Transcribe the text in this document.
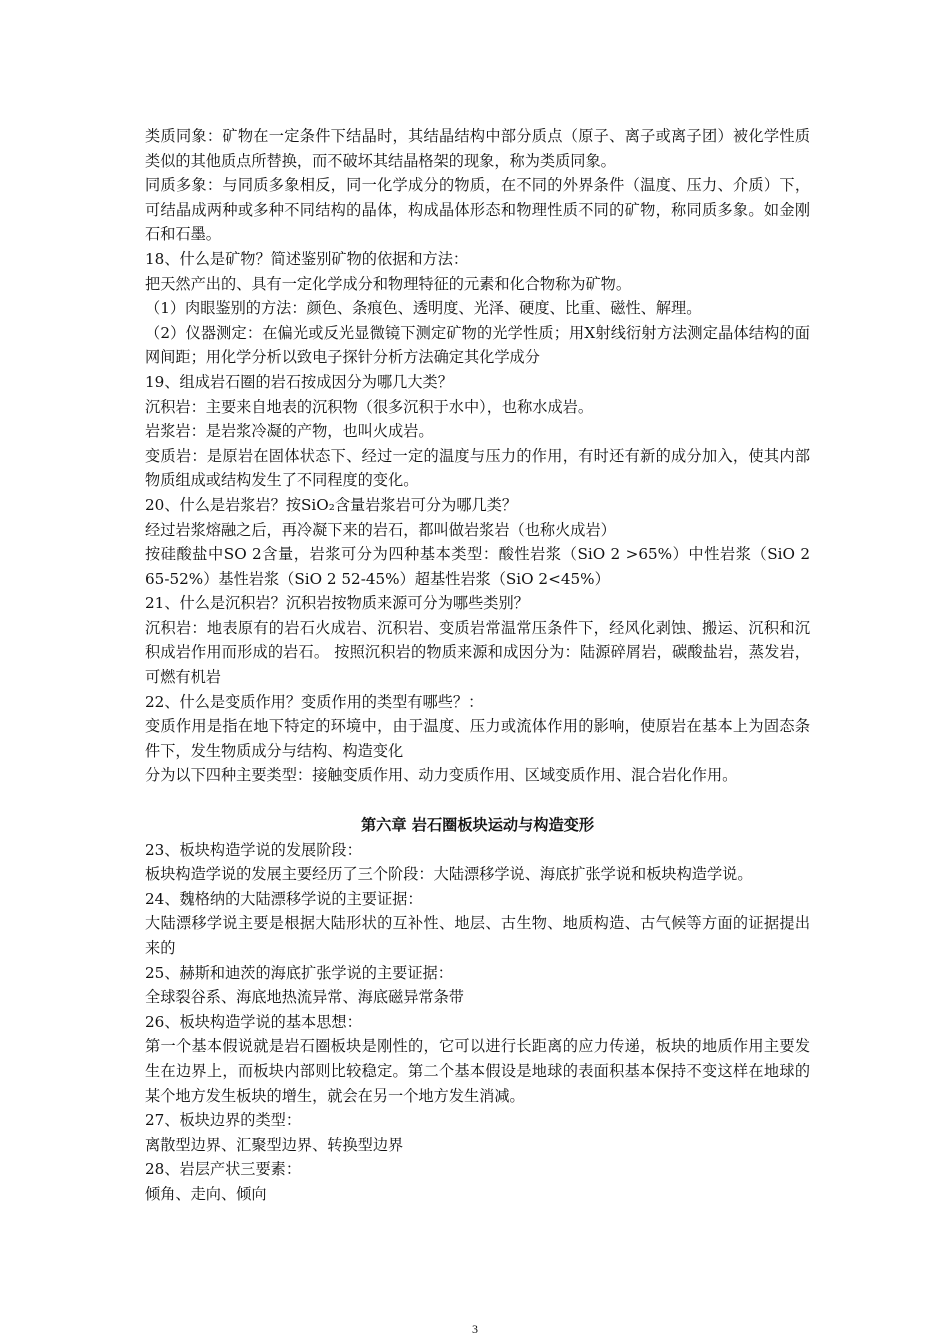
类质同象：矿物在一定条件下结晶时，其结晶结构中部分质点（原子、离子或离子团）被化学性质类似的其他质点所替换，而不破坏其结晶格架的现象，称为类质同象。

同质多象：与同质多象相反，同一化学成分的物质，在不同的外界条件（温度、压力、介质）下，可结晶成两种或多种不同结构的晶体，构成晶体形态和物理性质不同的矿物，称同质多象。如金刚石和石墨。

18、什么是矿物？简述鉴别矿物的依据和方法：

把天然产出的、具有一定化学成分和物理特征的元素和化合物称为矿物。

（1）肉眼鉴别的方法：颜色、条痕色、透明度、光泽、硬度、比重、磁性、解理。

（2）仪器测定：在偏光或反光显微镜下测定矿物的光学性质；用X射线衍射方法测定晶体结构的面网间距；用化学分析以致电子探针分析方法确定其化学成分

19、组成岩石圈的岩石按成因分为哪几大类？

沉积岩：主要来自地表的沉积物（很多沉积于水中），也称水成岩。

岩浆岩：是岩浆冷凝的产物，也叫火成岩。

变质岩：是原岩在固体状态下、经过一定的温度与压力的作用，有时还有新的成分加入，使其内部物质组成或结构发生了不同程度的变化。

20、什么是岩浆岩？按SiO₂含量岩浆岩可分为哪几类？

经过岩浆熔融之后，再冷凝下来的岩石，都叫做岩浆岩（也称火成岩）

按硅酸盐中SO 2含量，岩浆可分为四种基本类型：酸性岩浆（SiO 2 >65%）中性岩浆（SiO 2 65-52%）基性岩浆（SiO 2 52-45%）超基性岩浆（SiO 2<45%）

21、什么是沉积岩？沉积岩按物质来源可分为哪些类别？

沉积岩：地表原有的岩石火成岩、沉积岩、变质岩常温常压条件下，经风化剥蚀、搬运、沉积和沉积成岩作用而形成的岩石。 按照沉积岩的物质来源和成因分为：陆源碎屑岩，碳酸盐岩，蒸发岩，可燃有机岩

22、什么是变质作用？变质作用的类型有哪些？：

变质作用是指在地下特定的环境中，由于温度、压力或流体作用的影响，使原岩在基本上为固态条件下，发生物质成分与结构、构造变化

分为以下四种主要类型：接触变质作用、动力变质作用、区域变质作用、混合岩化作用。

第六章 岩石圈板块运动与构造变形

23、板块构造学说的发展阶段：

板块构造学说的发展主要经历了三个阶段：大陆漂移学说、海底扩张学说和板块构造学说。

24、魏格纳的大陆漂移学说的主要证据：

大陆漂移学说主要是根据大陆形状的互补性、地层、古生物、地质构造、古气候等方面的证据提出来的

25、赫斯和迪茨的海底扩张学说的主要证据：

全球裂谷系、海底地热流异常、海底磁异常条带

26、板块构造学说的基本思想：

第一个基本假说就是岩石圈板块是刚性的，它可以进行长距离的应力传递，板块的地质作用主要发生在边界上，而板块内部则比较稳定。第二个基本假设是地球的表面积基本保持不变这样在地球的某个地方发生板块的增生，就会在另一个地方发生消减。

27、板块边界的类型：

离散型边界、汇聚型边界、转换型边界

28、岩层产状三要素：

倾角、走向、倾向

3
